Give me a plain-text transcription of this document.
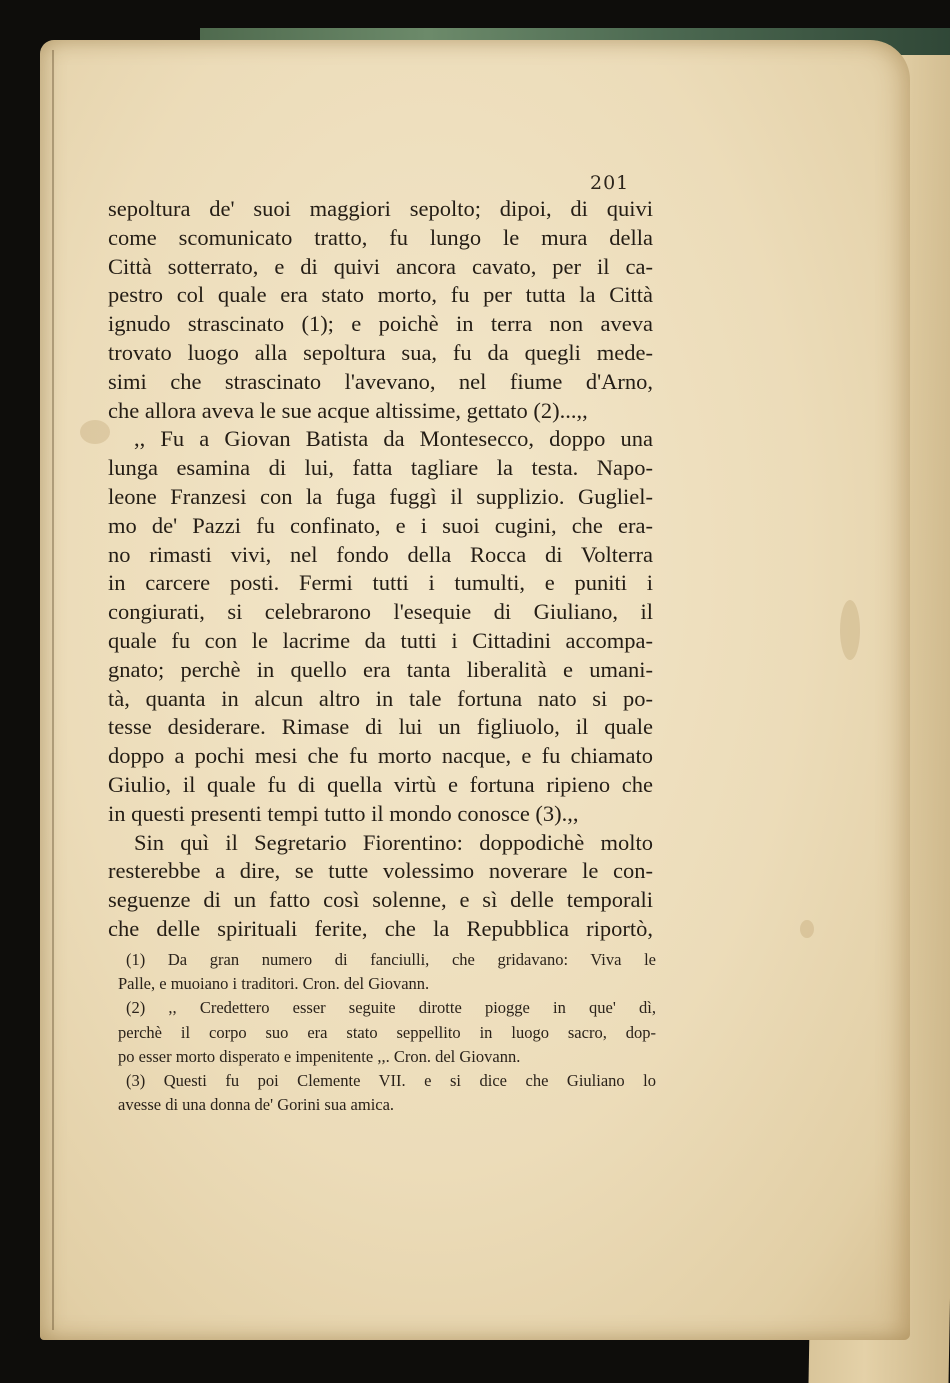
201
sepoltura de' suoi maggiori sepolto; dipoi, di quivi
come scomunicato tratto, fu lungo le mura della
Città sotterrato, e di quivi ancora cavato, per il ca-
pestro col quale era stato morto, fu per tutta la Città
ignudo strascinato (1); e poichè in terra non aveva
trovato luogo alla sepoltura sua, fu da quegli mede-
simi che strascinato l'avevano, nel fiume d'Arno,
che allora aveva le sue acque altissime, gettato (2)...,,
,, Fu a Giovan Batista da Montesecco, doppo una
lunga esamina di lui, fatta tagliare la testa. Napo-
leone Franzesi con la fuga fuggì il supplizio. Gugliel-
mo de' Pazzi fu confinato, e i suoi cugini, che era-
no rimasti vivi, nel fondo della Rocca di Volterra
in carcere posti. Fermi tutti i tumulti, e puniti i
congiurati, si celebrarono l'esequie di Giuliano, il
quale fu con le lacrime da tutti i Cittadini accompa-
gnato; perchè in quello era tanta liberalità e umani-
tà, quanta in alcun altro in tale fortuna nato si po-
tesse desiderare. Rimase di lui un figliuolo, il quale
doppo a pochi mesi che fu morto nacque, e fu chiamato
Giulio, il quale fu di quella virtù e fortuna ripieno che
in questi presenti tempi tutto il mondo conosce (3).,,
Sin quì il Segretario Fiorentino: doppodichè molto
resterebbe a dire, se tutte volessimo noverare le con-
seguenze di un fatto così solenne, e sì delle temporali
che delle spirituali ferite, che la Repubblica riportò,
(1) Da gran numero di fanciulli, che gridavano: Viva le
Palle, e muoiano i traditori. Cron. del Giovann.
(2) ,, Credettero esser seguite dirotte piogge in que' dì,
perchè il corpo suo era stato seppellito in luogo sacro, dop-
po esser morto disperato e impenitente ,,. Cron. del Giovann.
(3) Questi fu poi Clemente VII. e si dice che Giuliano lo
avesse di una donna de' Gorini sua amica.
